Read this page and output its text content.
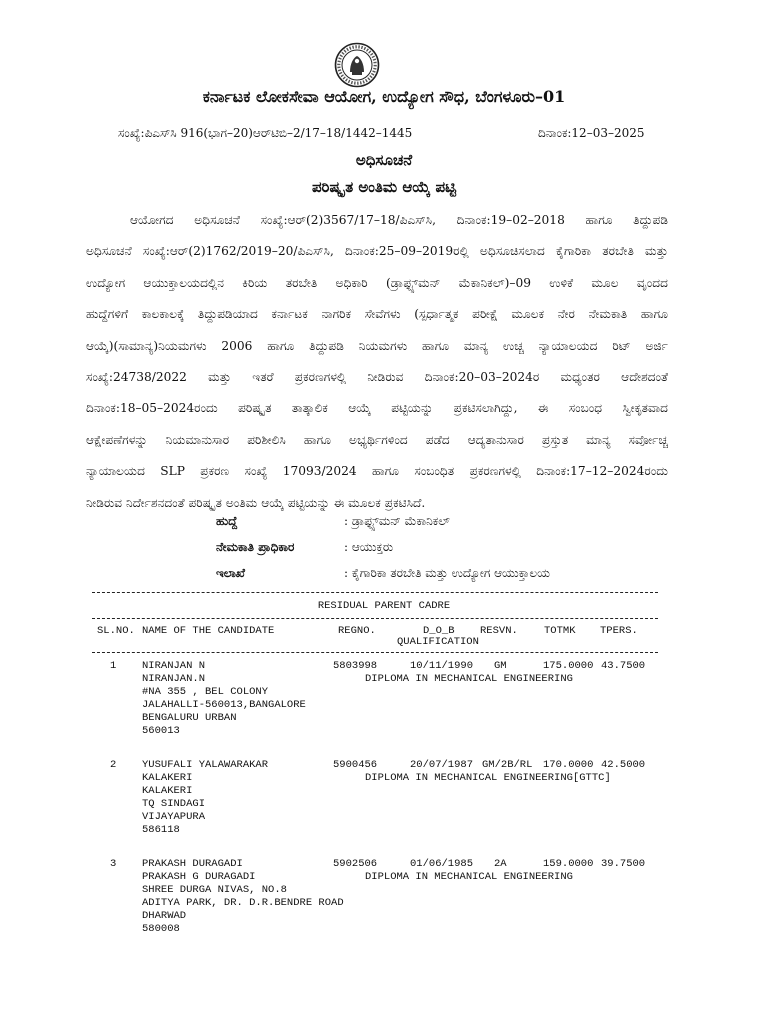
ಕರ್ನಾಟಕ ಲೋಕಸೇವಾ ಆಯೋಗ, ಉದ್ಯೋಗ ಸೌಧ, ಬೆಂಗಳೂರು–01
ಸಂಖ್ಯೆ:ಪಿಎಸ್‌ಸಿ 916(ಭಾಗ–20)ಆರ್‌ಟಿಬಿ–2/17–18/1442–1445	ದಿನಾಂಕ:12–03–2025
ಅಧಿಸೂಚನೆ
ಪರಿಷ್ಕೃತ ಅಂತಿಮ ಆಯ್ಕೆ ಪಟ್ಟಿ
ಆಯೋಗದ ಅಧಿಸೂಚನೆ ಸಂಖ್ಯೆ:ಆರ್(2)3567/17–18/ಪಿಎಸ್‌ಸಿ, ದಿನಾಂಕ:19–02–2018 ಹಾಗೂ ತಿದ್ದುಪಡಿ
ಅಧಿಸೂಚನೆ ಸಂಖ್ಯೆ:ಆರ್(2)1762/2019–20/ಪಿಎಸ್‌ಸಿ, ದಿನಾಂಕ:25–09–2019ರಲ್ಲಿ ಅಧಿಸೂಚಿಸಲಾದ ಕೈಗಾರಿಕಾ ತರಬೇತಿ ಮತ್ತು
ಉದ್ಯೋಗ ಆಯುಕ್ತಾಲಯದಲ್ಲಿನ ಕಿರಿಯ ತರಬೇತಿ ಅಧಿಕಾರಿ (ಡ್ರಾಫ್ಟ್ಸ್‌ಮನ್ ಮೆಕಾನಿಕಲ್)–09 ಉಳಿಕೆ ಮೂಲ ವೃಂದದ
ಹುದ್ದೆಗಳಿಗೆ ಕಾಲಕಾಲಕ್ಕೆ ತಿದ್ದುಪಡಿಯಾದ ಕರ್ನಾಟಕ ನಾಗರಿಕ ಸೇವೆಗಳು (ಸ್ಪರ್ಧಾತ್ಮಕ ಪರೀಕ್ಷೆ ಮೂಲಕ ನೇರ ನೇಮಕಾತಿ ಹಾಗೂ
ಆಯ್ಕೆ)(ಸಾಮಾನ್ಯ)ನಿಯಮಗಳು 2006 ಹಾಗೂ ತಿದ್ದುಪಡಿ ನಿಯಮಗಳು ಹಾಗೂ ಮಾನ್ಯ ಉಚ್ಚ ನ್ಯಾಯಾಲಯದ ರಿಟ್ ಅರ್ಜಿ
ಸಂಖ್ಯೆ:24738/2022 ಮತ್ತು ಇತರೆ ಪ್ರಕರಣಗಳಲ್ಲಿ ನೀಡಿರುವ ದಿನಾಂಕ:20–03–2024ರ ಮಧ್ಯಂತರ ಆದೇಶದಂತೆ
ದಿನಾಂಕ:18–05–2024ರಂದು ಪರಿಷ್ಕೃತ ತಾತ್ಕಾಲಿಕ ಆಯ್ಕೆ ಪಟ್ಟಿಯನ್ನು ಪ್ರಕಟಿಸಲಾಗಿದ್ದು, ಈ ಸಂಬಂಧ ಸ್ವೀಕೃತವಾದ
ಆಕ್ಷೇಪಣೆಗಳನ್ನು ನಿಯಮಾನುಸಾರ ಪರಿಶೀಲಿಸಿ ಹಾಗೂ ಅಭ್ಯರ್ಥಿಗಳಿಂದ ಪಡೆದ ಆದ್ಯತಾನುಸಾರ ಪ್ರಸ್ತುತ ಮಾನ್ಯ ಸರ್ವೋಚ್ಚ
ನ್ಯಾಯಾಲಯದ SLP ಪ್ರಕರಣ ಸಂಖ್ಯೆ 17093/2024 ಹಾಗೂ ಸಂಬಂಧಿತ ಪ್ರಕರಣಗಳಲ್ಲಿ ದಿನಾಂಕ:17–12–2024ರಂದು
ನೀಡಿರುವ ನಿರ್ದೇಶನದಂತೆ ಪರಿಷ್ಕೃತ ಅಂತಿಮ ಆಯ್ಕೆ ಪಟ್ಟಿಯನ್ನು ಈ ಮೂಲಕ ಪ್ರಕಟಿಸಿದೆ.
ಹುದ್ದೆ	: ಡ್ರಾಫ್ಟ್ಸ್‌ಮನ್ ಮೆಕಾನಿಕಲ್
ನೇಮಕಾತಿ ಪ್ರಾಧಿಕಾರ	: ಆಯುಕ್ತರು
ಇಲಾಖೆ	: ಕೈಗಾರಿಕಾ ತರಬೇತಿ ಮತ್ತು ಉದ್ಯೋಗ ಆಯುಕ್ತಾಲಯ
RESIDUAL PARENT CADRE
SL.NO. NAME OF THE CANDIDATE	REGNO.	D_O_B RESVN. TOTMK TPERS.
QUALIFICATION
1 NIRANJAN N	5803998	10/11/1990 GM	175.0000 43.7500
DIPLOMA IN MECHANICAL ENGINEERING
NIRANJAN.N
#NA 355 , BEL COLONY
JALAHALLI-560013,BANGALORE
BENGALURU URBAN
560013
2 YUSUFALI YALAWARAKAR	5900456	20/07/1987 GM/2B/RL 170.0000 42.5000
DIPLOMA IN MECHANICAL ENGINEERING[GTTC]
KALAKERI
KALAKERI
TQ SINDAGI
VIJAYAPURA
586118
3 PRAKASH DURAGADI	5902506	01/06/1985 2A	159.0000 39.7500
DIPLOMA IN MECHANICAL ENGINEERING
PRAKASH G DURAGADI
SHREE DURGA NIVAS, NO.8
ADITYA PARK, DR. D.R.BENDRE ROAD
DHARWAD
580008
